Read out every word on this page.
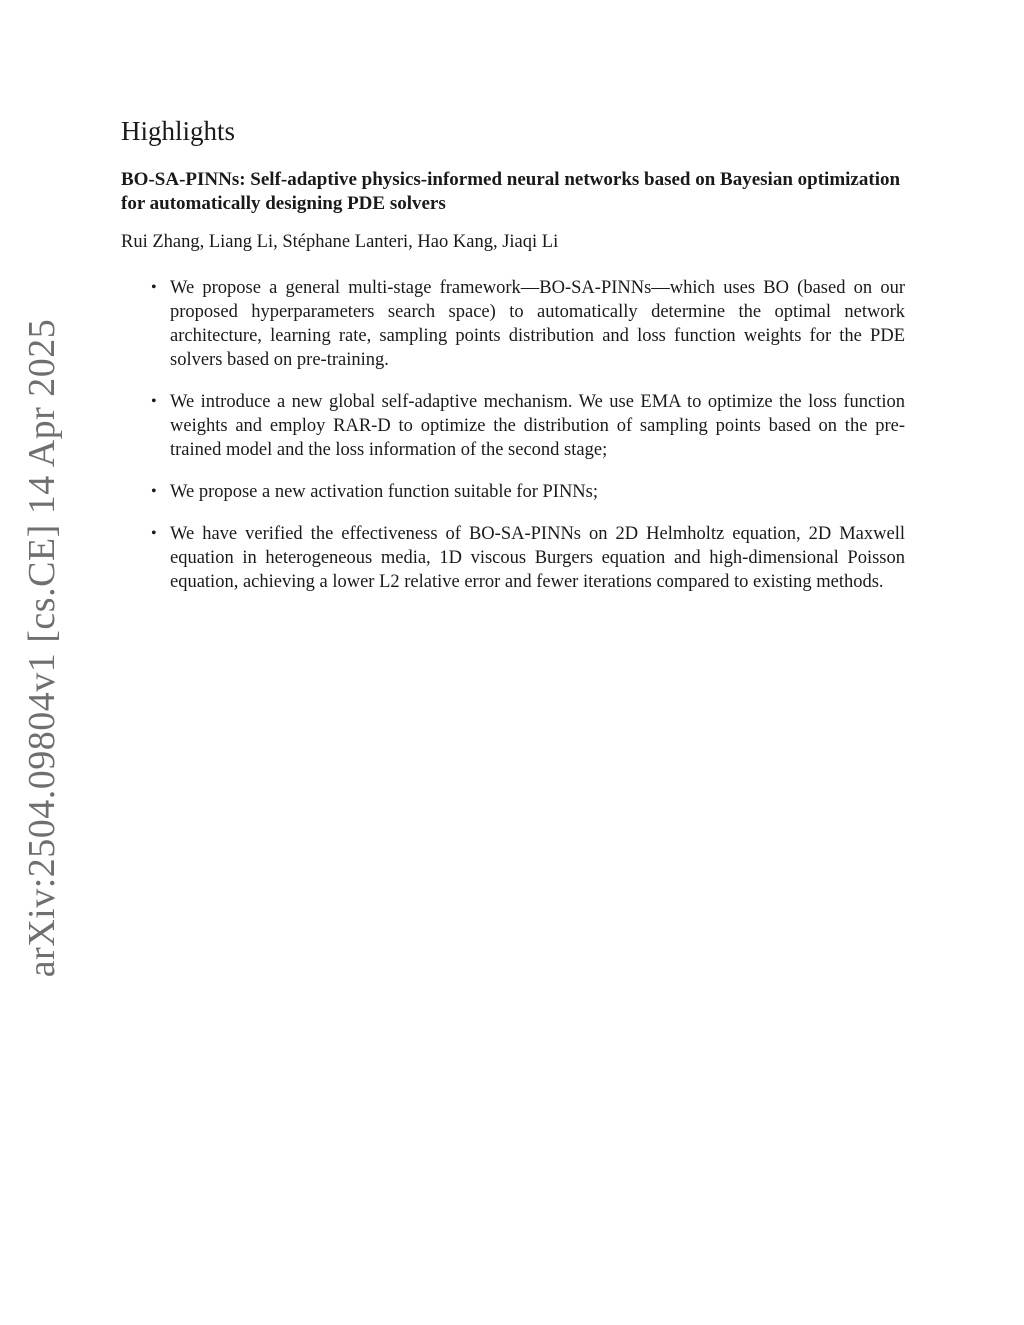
arXiv:2504.09804v1 [cs.CE] 14 Apr 2025
Highlights
BO-SA-PINNs: Self-adaptive physics-informed neural networks based on Bayesian optimization for automatically designing PDE solvers
Rui Zhang, Liang Li, Stéphane Lanteri, Hao Kang, Jiaqi Li
• We propose a general multi-stage framework—BO-SA-PINNs—which uses BO (based on our proposed hyperparameters search space) to automatically determine the optimal network architecture, learning rate, sampling points distribution and loss function weights for the PDE solvers based on pre-training.
• We introduce a new global self-adaptive mechanism. We use EMA to optimize the loss function weights and employ RAR-D to optimize the distribution of sampling points based on the pre-trained model and the loss information of the second stage;
• We propose a new activation function suitable for PINNs;
• We have verified the effectiveness of BO-SA-PINNs on 2D Helmholtz equation, 2D Maxwell equation in heterogeneous media, 1D viscous Burgers equation and high-dimensional Poisson equation, achieving a lower L2 relative error and fewer iterations compared to existing methods.
